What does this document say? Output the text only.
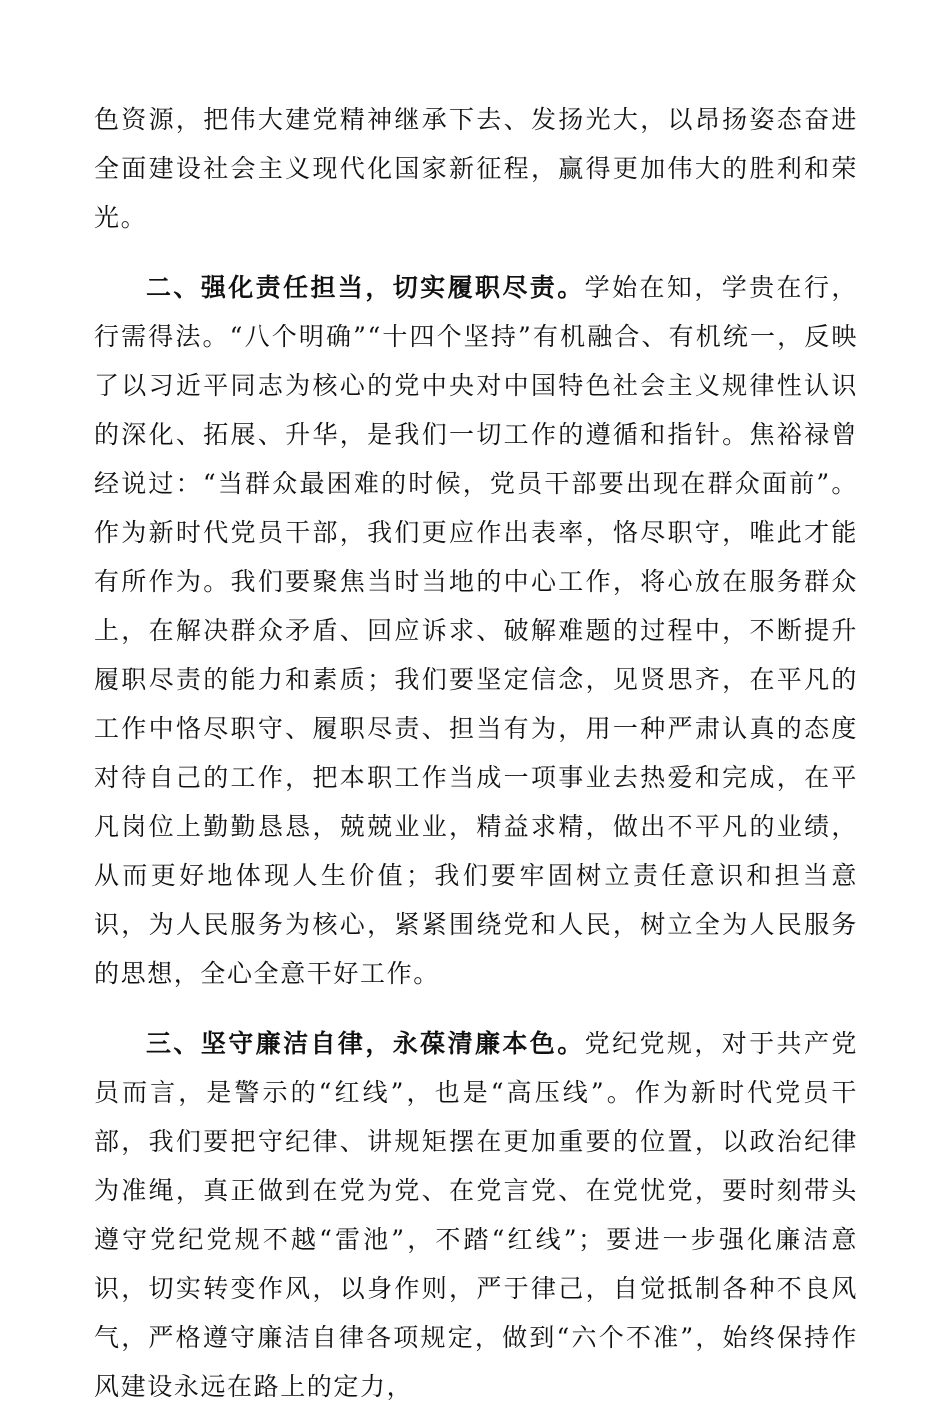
色资源，把伟大建党精神继承下去、发扬光大，以昂扬姿态奋进全面建设社会主义现代化国家新征程，赢得更加伟大的胜利和荣光。

二、强化责任担当，切实履职尽责。学始在知，学贵在行，行需得法。“八个明确”“十四个坚持”有机融合、有机统一，反映了以习近平同志为核心的党中央对中国特色社会主义规律性认识的深化、拓展、升华，是我们一切工作的遵循和指针。焦裕禄曾经说过：“当群众最困难的时候，党员干部要出现在群众面前”。作为新时代党员干部，我们更应作出表率，恪尽职守，唯此才能有所作为。我们要聚焦当时当地的中心工作，将心放在服务群众上，在解决群众矛盾、回应诉求、破解难题的过程中，不断提升履职尽责的能力和素质；我们要坚定信念，见贤思齐，在平凡的工作中恪尽职守、履职尽责、担当有为，用一种严肃认真的态度对待自己的工作，把本职工作当成一项事业去热爱和完成，在平凡岗位上勤勤恳恳，兢兢业业，精益求精，做出不平凡的业绩，从而更好地体现人生价值；我们要牢固树立责任意识和担当意识，为人民服务为核心，紧紧围绕党和人民，树立全为人民服务的思想，全心全意干好工作。

三、坚守廉洁自律，永葆清廉本色。党纪党规，对于共产党员而言，是警示的“红线”，也是“高压线”。作为新时代党员干部，我们要把守纪律、讲规矩摆在更加重要的位置，以政治纪律为准绳，真正做到在党为党、在党言党、在党忧党，要时刻带头遵守党纪党规不越“雷池”，不踏“红线”；要进一步强化廉洁意识，切实转变作风，以身作则，严于律己，自觉抵制各种不良风气，严格遵守廉洁自律各项规定，做到“六个不准”，始终保持作风建设永远在路上的定力，
